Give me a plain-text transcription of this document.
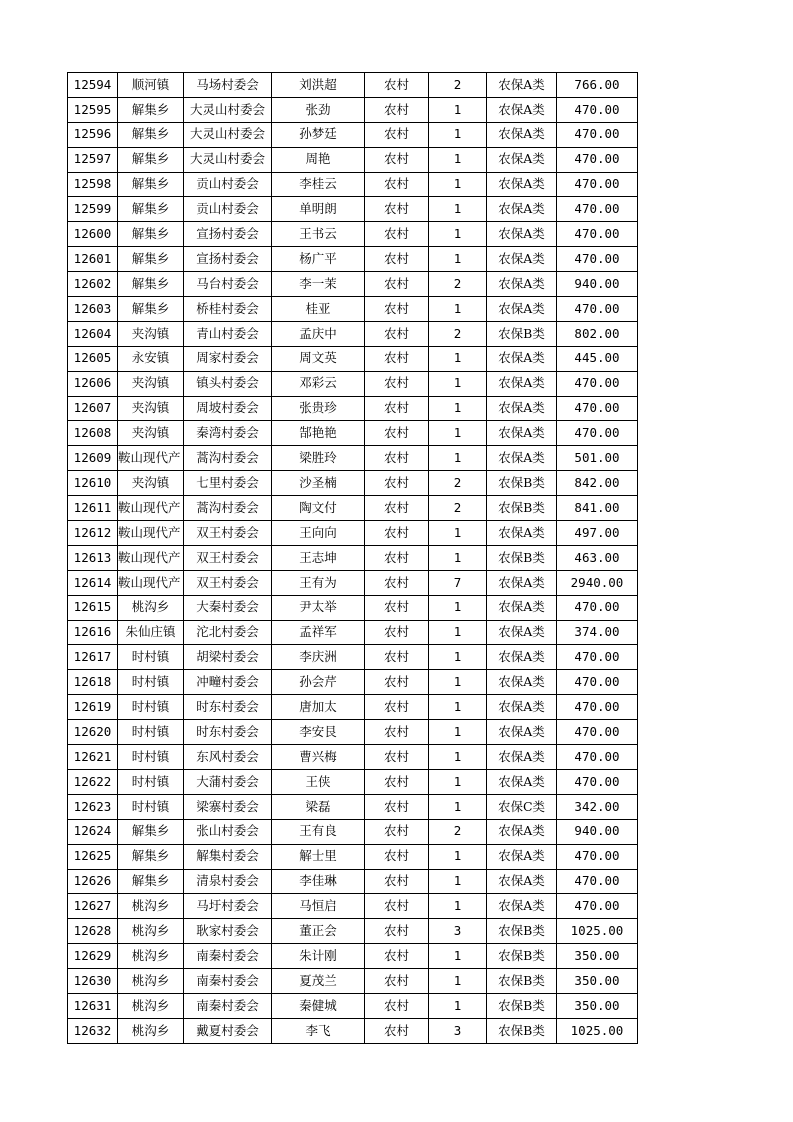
12594	顺河镇	马场村委会	刘洪超	农村	2	农保A类	766.00
12595	解集乡	大灵山村委会	张劲	农村	1	农保A类	470.00
12596	解集乡	大灵山村委会	孙梦廷	农村	1	农保A类	470.00
12597	解集乡	大灵山村委会	周艳	农村	1	农保A类	470.00
12598	解集乡	贡山村委会	李桂云	农村	1	农保A类	470.00
12599	解集乡	贡山村委会	单明朗	农村	1	农保A类	470.00
12600	解集乡	宣扬村委会	王书云	农村	1	农保A类	470.00
12601	解集乡	宣扬村委会	杨广平	农村	1	农保A类	470.00
12602	解集乡	马台村委会	李一茉	农村	2	农保A类	940.00
12603	解集乡	桥桂村委会	桂亚	农村	1	农保A类	470.00
12604	夹沟镇	青山村委会	孟庆中	农村	2	农保B类	802.00
12605	永安镇	周家村委会	周文英	农村	1	农保A类	445.00
12606	夹沟镇	镇头村委会	邓彩云	农村	1	农保A类	470.00
12607	夹沟镇	周坡村委会	张贵珍	农村	1	农保A类	470.00
12608	夹沟镇	秦湾村委会	郜艳艳	农村	1	农保A类	470.00
12609	鞍山现代产	蒿沟村委会	梁胜玲	农村	1	农保A类	501.00
12610	夹沟镇	七里村委会	沙圣楠	农村	2	农保B类	842.00
12611	鞍山现代产	蒿沟村委会	陶文付	农村	2	农保B类	841.00
12612	鞍山现代产	双王村委会	王向向	农村	1	农保A类	497.00
12613	鞍山现代产	双王村委会	王志坤	农村	1	农保B类	463.00
12614	鞍山现代产	双王村委会	王有为	农村	7	农保A类	2940.00
12615	桃沟乡	大秦村委会	尹太举	农村	1	农保A类	470.00
12616	朱仙庄镇	沱北村委会	孟祥军	农村	1	农保A类	374.00
12617	时村镇	胡梁村委会	李庆洲	农村	1	农保A类	470.00
12618	时村镇	冲疃村委会	孙会芹	农村	1	农保A类	470.00
12619	时村镇	时东村委会	唐加太	农村	1	农保A类	470.00
12620	时村镇	时东村委会	李安艮	农村	1	农保A类	470.00
12621	时村镇	东风村委会	曹兴梅	农村	1	农保A类	470.00
12622	时村镇	大蒲村委会	王侠	农村	1	农保A类	470.00
12623	时村镇	梁寨村委会	梁磊	农村	1	农保C类	342.00
12624	解集乡	张山村委会	王有良	农村	2	农保A类	940.00
12625	解集乡	解集村委会	解士里	农村	1	农保A类	470.00
12626	解集乡	清泉村委会	李佳琳	农村	1	农保A类	470.00
12627	桃沟乡	马圩村委会	马恒启	农村	1	农保A类	470.00
12628	桃沟乡	耿家村委会	董正会	农村	3	农保B类	1025.00
12629	桃沟乡	南秦村委会	朱计刚	农村	1	农保B类	350.00
12630	桃沟乡	南秦村委会	夏茂兰	农村	1	农保B类	350.00
12631	桃沟乡	南秦村委会	秦健城	农村	1	农保B类	350.00
12632	桃沟乡	戴夏村委会	李飞	农村	3	农保B类	1025.00
